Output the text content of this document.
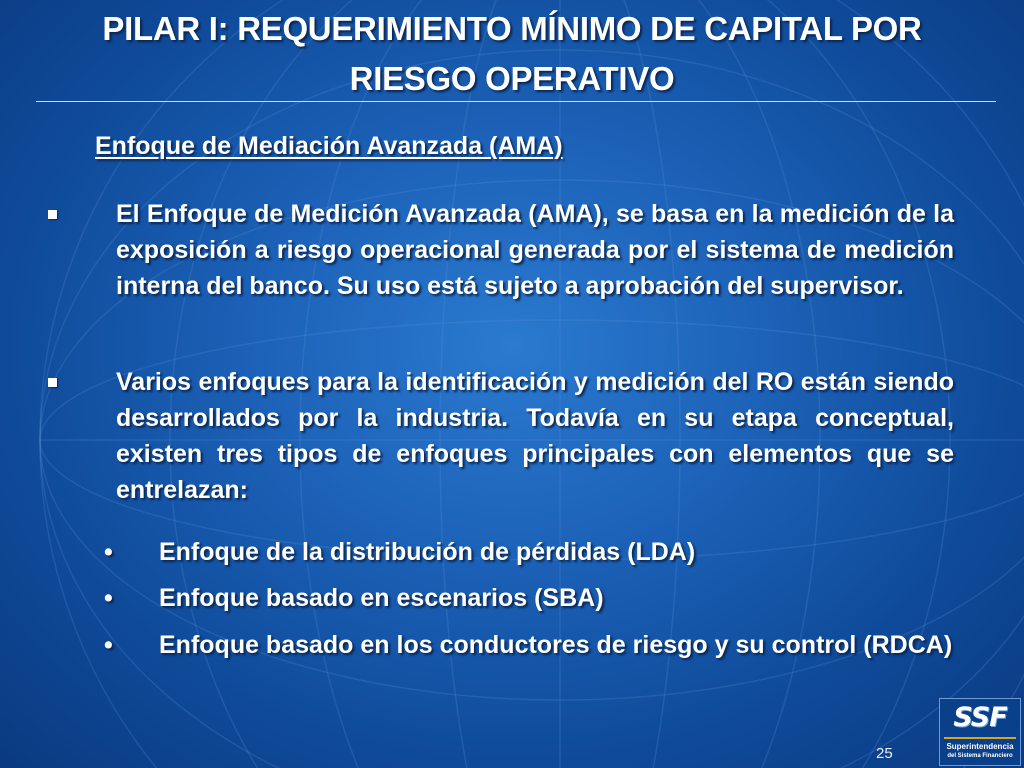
PILAR I: REQUERIMIENTO MÍNIMO DE CAPITAL POR
RIESGO OPERATIVO
Enfoque de Mediación Avanzada (AMA)
El Enfoque de Medición Avanzada (AMA), se basa en la medición de la exposición a riesgo operacional generada por el sistema de medición interna del banco. Su uso está sujeto a aprobación del supervisor.
Varios enfoques para la identificación y medición del RO están siendo desarrollados por la industria. Todavía en su etapa conceptual, existen tres tipos de enfoques principales con elementos que se entrelazan:
• Enfoque de la distribución de pérdidas (LDA)
• Enfoque basado en escenarios (SBA)
• Enfoque basado en los conductores de riesgo y su control (RDCA)
25
SSF
Superintendencia
del Sistema Financiero
